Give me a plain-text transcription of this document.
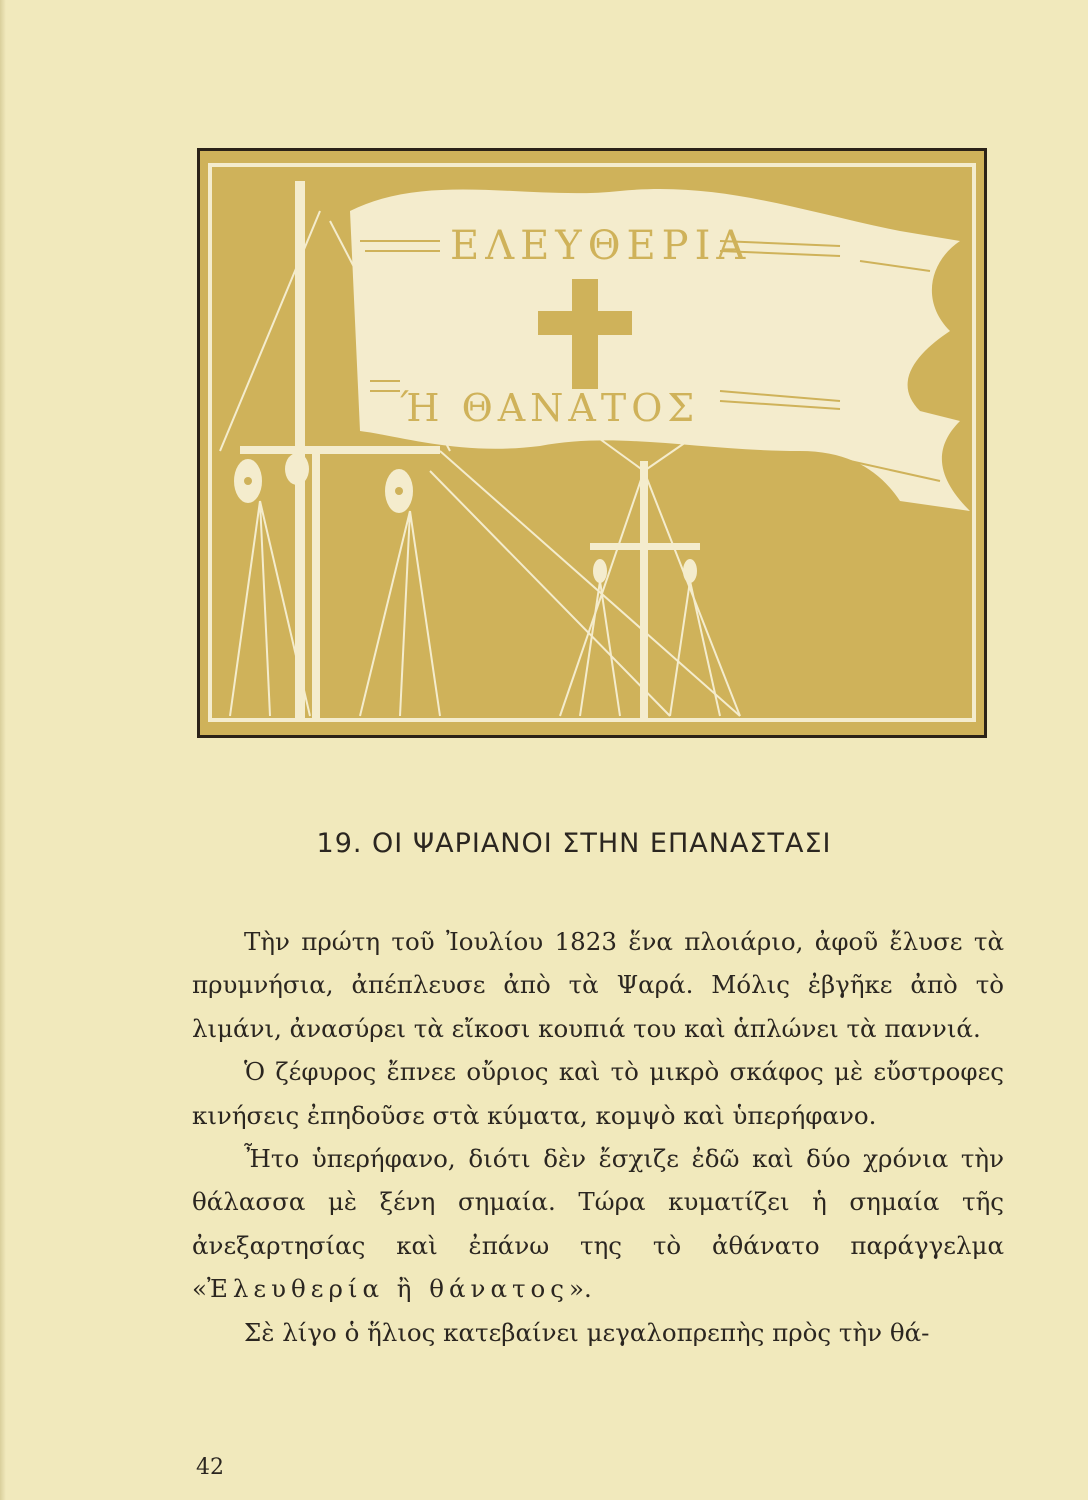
ΕΛΕΥΘΕΡΙΑ
Ή ΘΑΝΑΤΟΣ
19. ΟΙ ΨΑΡΙΑΝΟΙ ΣΤΗΝ ΕΠΑΝΑΣΤΑΣΙ

Τὴν πρώτη τοῦ Ἰουλίου 1823 ἕνα πλοιάριο, ἀφοῦ ἔλυσε τὰ πρυμνήσια, ἀπέπλευσε ἀπὸ τὰ Ψαρά. Μόλις ἐβγῆκε ἀπὸ τὸ λιμάνι, ἀνασύρει τὰ εἴκοσι κουπιά του καὶ ἁπλώνει τὰ παννιά.

Ὁ ζέφυρος ἔπνεε οὔριος καὶ τὸ μικρὸ σκάφος μὲ εὔστροφες κινήσεις ἐπηδοῦσε στὰ κύματα, κομψὸ καὶ ὑπερήφανο.

Ἦτο ὑπερήφανο, διότι δὲν ἔσχιζε ἐδῶ καὶ δύο χρόνια τὴν θάλασσα μὲ ξένη σημαία. Τώρα κυματίζει ἡ σημαία τῆς ἀνεξαρτησίας καὶ ἐπάνω της τὸ ἀθάνατο παράγγελμα «Ἐλευθερία ἢ θάνατος».

Σὲ λίγο ὁ ἥλιος κατεβαίνει μεγαλοπρεπὴς πρὸς τὴν θά-

42
